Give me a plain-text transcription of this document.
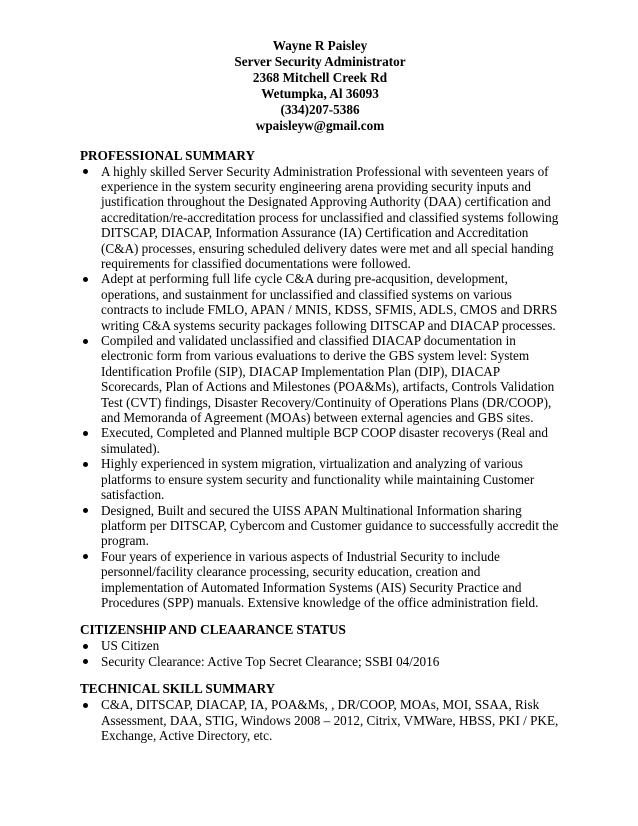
Wayne R Paisley
Server Security Administrator
2368 Mitchell Creek Rd
Wetumpka, Al 36093
(334)207-5386
wpaisleyw@gmail.com
PROFESSIONAL SUMMARY
A highly skilled Server Security Administration Professional with seventeen years of experience in the system security engineering arena providing security inputs and justification throughout the Designated Approving Authority (DAA) certification and accreditation/re-accreditation process for unclassified and classified systems following DITSCAP, DIACAP, Information Assurance (IA) Certification and Accreditation (C&A) processes, ensuring scheduled delivery dates were met and all special handing requirements for classified documentations were followed.
Adept at performing full life cycle C&A during pre-acqusition, development, operations, and sustainment for unclassified and classified systems on various contracts to include FMLO, APAN / MNIS, KDSS, SFMIS, ADLS, CMOS and DRRS writing C&A systems security packages following DITSCAP and DIACAP processes.
Compiled and validated unclassified and classified DIACAP documentation in electronic form from various evaluations to derive the GBS system level: System Identification Profile (SIP), DIACAP Implementation Plan (DIP), DIACAP Scorecards, Plan of Actions and Milestones (POA&Ms), artifacts, Controls Validation Test (CVT) findings, Disaster Recovery/Continuity of Operations Plans (DR/COOP), and Memoranda of Agreement (MOAs) between external agencies and GBS sites.
Executed, Completed and Planned multiple BCP COOP disaster recoverys (Real and simulated).
Highly experienced in system migration, virtualization and analyzing of various platforms to ensure system security and functionality while maintaining Customer satisfaction.
Designed, Built and secured the UISS APAN Multinational Information sharing platform per DITSCAP, Cybercom and Customer guidance to successfully accredit the program.
Four years of experience in various aspects of Industrial Security to include personnel/facility clearance processing, security education, creation and implementation of Automated Information Systems (AIS) Security Practice and Procedures (SPP) manuals. Extensive knowledge of the office administration field.
CITIZENSHIP AND CLEAARANCE STATUS
US Citizen
Security Clearance: Active Top Secret Clearance; SSBI 04/2016
TECHNICAL SKILL SUMMARY
C&A, DITSCAP, DIACAP, IA, POA&Ms, , DR/COOP, MOAs, MOI, SSAA, Risk Assessment, DAA, STIG, Windows 2008 – 2012, Citrix, VMWare, HBSS, PKI / PKE, Exchange, Active Directory, etc.
